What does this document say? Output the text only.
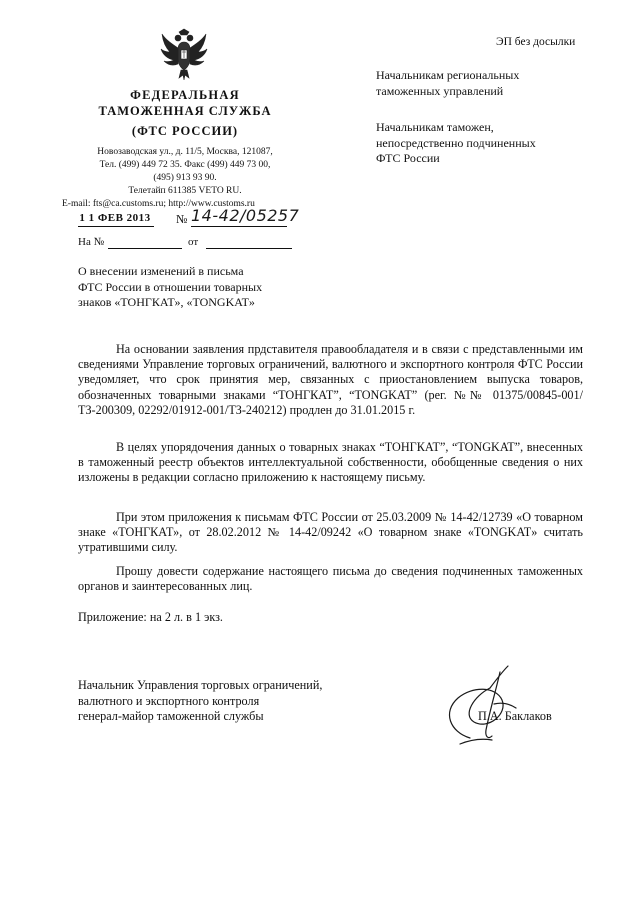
ЭП без досылки
ФЕДЕРАЛЬНАЯ
ТАМОЖЕННАЯ СЛУЖБА
(ФТС РОССИИ)
Новозаводская ул., д. 11/5, Москва, 121087,
Тел. (499) 449 72 35. Факс (499) 449 73 00,
(495) 913 93 90.
Телетайп 611385 VETO RU.
E-mail: fts@ca.customs.ru; http://www.customs.ru
1 1 ФЕВ 2013 № 14-42/05257
На №	от
Начальникам региональных
таможенных управлений
Начальникам таможен,
непосредственно подчиненных
ФТС России
О внесении изменений в письма
ФТС России в отношении товарных
знаков «ТОНГКАТ», «TONGKAT»

На основании заявления прдставителя правообладателя и в связи с представленными им сведениями Управление торговых ограничений, валютного и экспортного контроля ФТС России уведомляет, что срок принятия мер, связанных с приостановлением выпуска товаров, обозначенных товарными знаками “ТОНГКАТ”, “TONGKAT” (рег. №№ 01375/00845-001/ТЗ-200309, 02292/01912-001/ТЗ-240212) продлен до 31.01.2015 г.

В целях упорядочения данных о товарных знаках “ТОНГКАТ”, “TONGKAT”, внесенных в таможенный реестр объектов интеллектуальной собственности, обобщенные сведения о них изложены в редакции согласно приложению к настоящему письму.

При этом приложения к письмам ФТС России от 25.03.2009 № 14-42/12739 «О товарном знаке «ТОНГКАТ», от 28.02.2012 № 14-42/09242 «О товарном знаке «TONGKAT» считать утратившими силу.

Прошу довести содержание настоящего письма до сведения подчиненных таможенных органов и заинтересованных лиц.

Приложение: на 2 л. в 1 экз.
Начальник Управления торговых ограничений,
валютного и экспортного контроля
генерал-майор таможенной службы	П.А. Баклаков
